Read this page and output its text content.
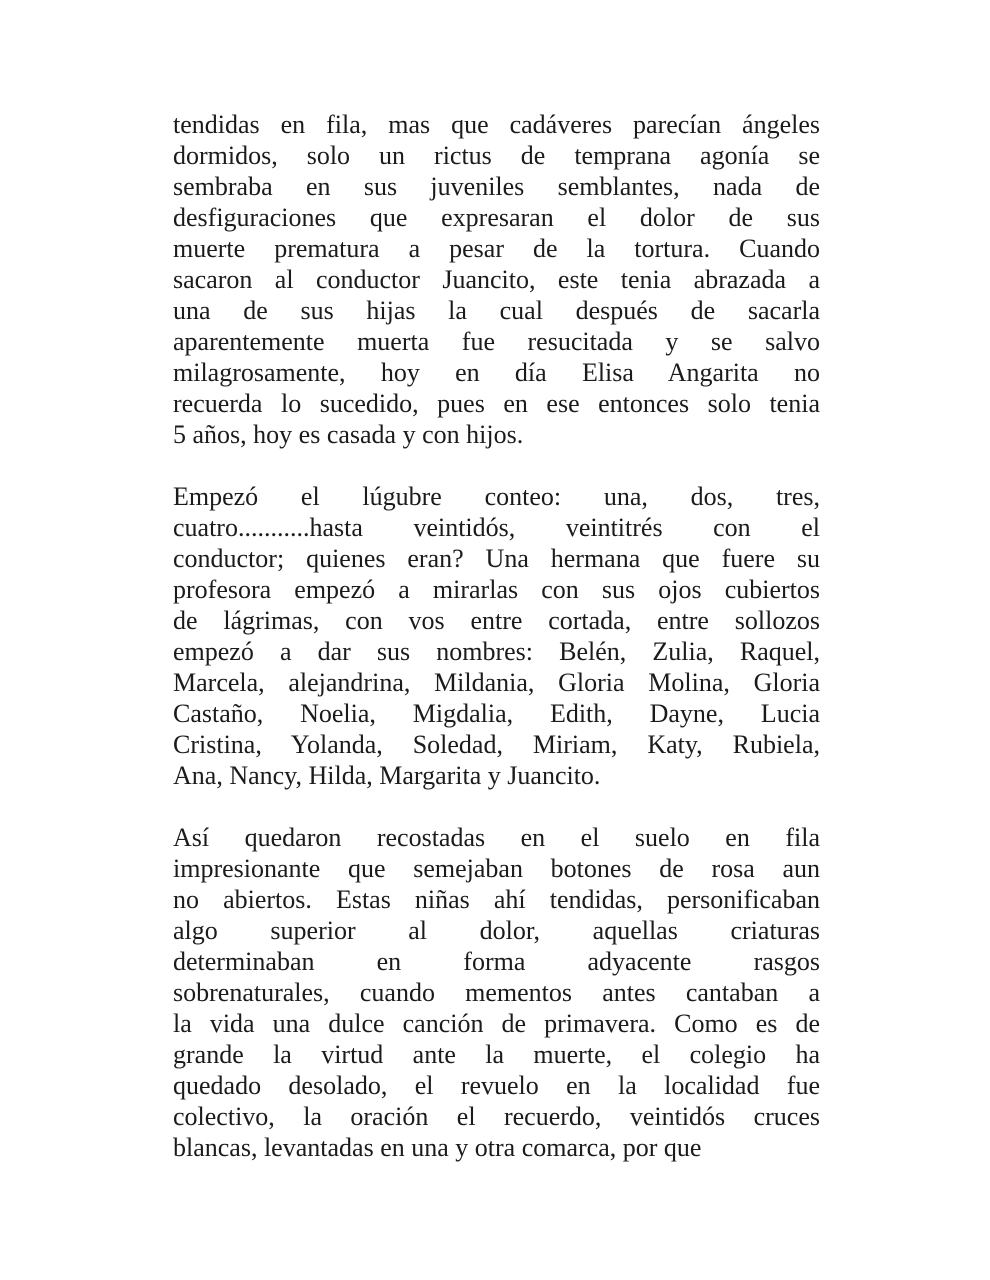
tendidas en fila, mas que cadáveres parecían ángeles
dormidos, solo un rictus de temprana agonía se
sembraba en sus juveniles semblantes, nada de
desfiguraciones que expresaran el dolor de sus
muerte prematura a pesar de la tortura. Cuando
sacaron al conductor Juancito, este tenia abrazada a
una de sus hijas la cual después de sacarla
aparentemente muerta fue resucitada y se salvo
milagrosamente, hoy en día Elisa Angarita no
recuerda lo sucedido, pues en ese entonces solo tenia
5 años, hoy es casada y con hijos.
Empezó el lúgubre conteo: una, dos, tres,
cuatro...........hasta veintidós, veintitrés con el
conductor; quienes eran? Una hermana que fuere su
profesora empezó a mirarlas con sus ojos cubiertos
de lágrimas, con vos entre cortada, entre sollozos
empezó a dar sus nombres: Belén, Zulia, Raquel,
Marcela, alejandrina, Mildania, Gloria Molina, Gloria
Castaño, Noelia, Migdalia, Edith, Dayne, Lucia
Cristina, Yolanda, Soledad, Miriam, Katy, Rubiela,
Ana, Nancy, Hilda, Margarita y Juancito.
Así quedaron recostadas en el suelo en fila
impresionante que semejaban botones de rosa aun
no abiertos. Estas niñas ahí tendidas, personificaban
algo superior al dolor, aquellas criaturas
determinaban en forma adyacente rasgos
sobrenaturales, cuando mementos antes cantaban a
la vida una dulce canción de primavera. Como es de
grande la virtud ante la muerte, el colegio ha
quedado desolado, el revuelo en la localidad fue
colectivo, la oración el recuerdo, veintidós cruces
blancas, levantadas en una y otra comarca, por que
